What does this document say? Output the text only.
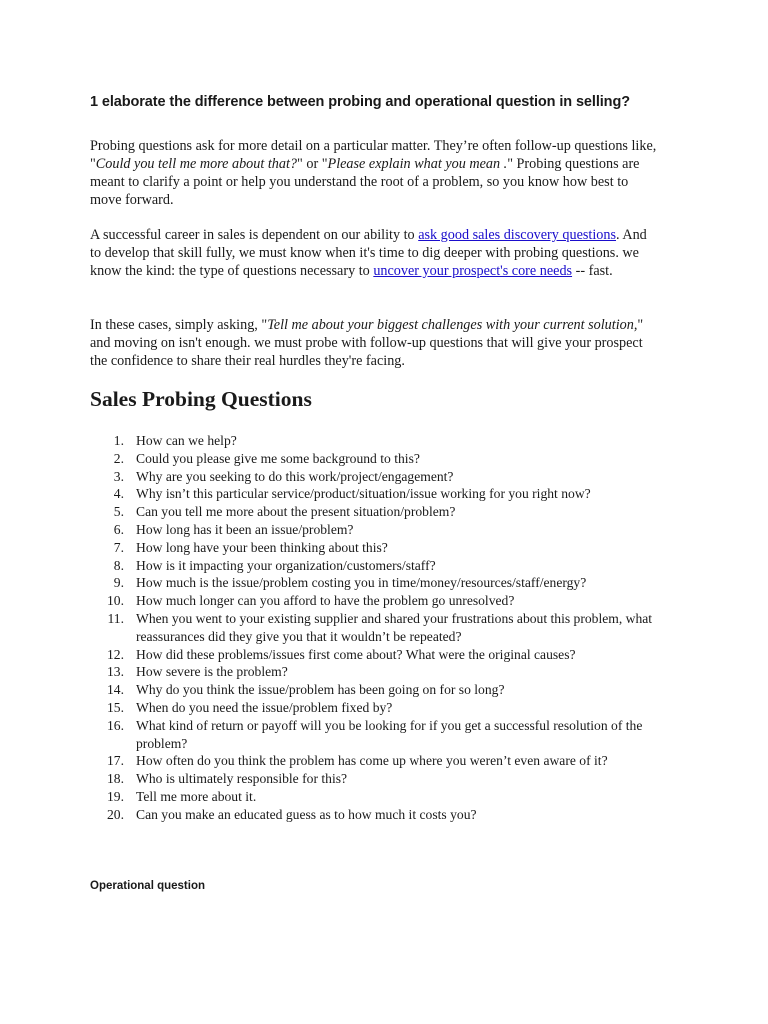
1 elaborate the difference between probing and operational question in selling?

Probing questions ask for more detail on a particular matter. They’re often follow-up questions like, "Could you tell me more about that?" or "Please explain what you mean ." Probing questions are meant to clarify a point or help you understand the root of a problem, so you know how best to move forward.

A successful career in sales is dependent on our ability to ask good sales discovery questions. And to develop that skill fully, we must know when it's time to dig deeper with probing questions. we know the kind: the type of questions necessary to uncover your prospect's core needs -- fast.

In these cases, simply asking, "Tell me about your biggest challenges with your current solution," and moving on isn't enough. we must probe with follow-up questions that will give your prospect the confidence to share their real hurdles they're facing.

Sales Probing Questions
1. How can we help?
2. Could you please give me some background to this?
3. Why are you seeking to do this work/project/engagement?
4. Why isn’t this particular service/product/situation/issue working for you right now?
5. Can you tell me more about the present situation/problem?
6. How long has it been an issue/problem?
7. How long have your been thinking about this?
8. How is it impacting your organization/customers/staff?
9. How much is the issue/problem costing you in time/money/resources/staff/energy?
10. How much longer can you afford to have the problem go unresolved?
11. When you went to your existing supplier and shared your frustrations about this problem, what reassurances did they give you that it wouldn’t be repeated?
12. How did these problems/issues first come about? What were the original causes?
13. How severe is the problem?
14. Why do you think the issue/problem has been going on for so long?
15. When do you need the issue/problem fixed by?
16. What kind of return or payoff will you be looking for if you get a successful resolution of the problem?
17. How often do you think the problem has come up where you weren’t even aware of it?
18. Who is ultimately responsible for this?
19. Tell me more about it.
20. Can you make an educated guess as to how much it costs you?
Operational question
